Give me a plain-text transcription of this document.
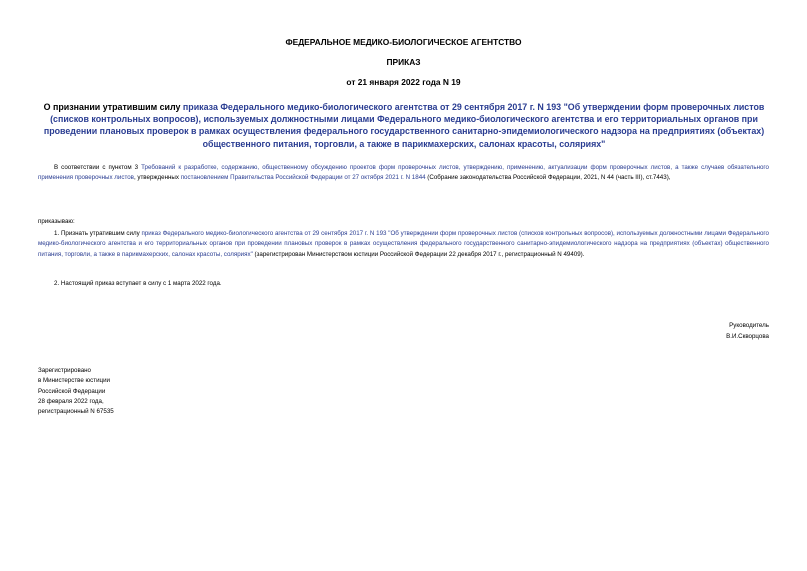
ФЕДЕРАЛЬНОЕ МЕДИКО-БИОЛОГИЧЕСКОЕ АГЕНТСТВО
ПРИКАЗ
от 21 января 2022 года N 19
О признании утратившим силу приказа Федерального медико-биологического агентства от 29 сентября 2017 г. N 193 "Об утверждении форм проверочных листов (списков контрольных вопросов), используемых должностными лицами Федерального медико-биологического агентства и его территориальных органов при проведении плановых проверок в рамках осуществления федерального государственного санитарно-эпидемиологического надзора на предприятиях (объектах) общественного питания, торговли, а также в парикмахерских, салонах красоты, соляриях"
В соответствии с пунктом 3 Требований к разработке, содержанию, общественному обсуждению проектов форм проверочных листов, утверждению, применению, актуализации форм проверочных листов, а также случаев обязательного применения проверочных листов, утвержденных постановлением Правительства Российской Федерации от 27 октября 2021 г. N 1844 (Собрание законодательства Российской Федерации, 2021, N 44 (часть III), ст.7443),
приказываю:
1. Признать утратившим силу приказ Федерального медико-биологического агентства от 29 сентября 2017 г. N 193 "Об утверждении форм проверочных листов (списков контрольных вопросов), используемых должностными лицами Федерального медико-биологического агентства и его территориальных органов при проведении плановых проверок в рамках осуществления федерального государственного санитарно-эпидемиологического надзора на предприятиях (объектах) общественного питания, торговли, а также в парикмахерских, салонах красоты, соляриях" (зарегистрирован Министерством юстиции Российской Федерации 22 декабря 2017 г., регистрационный N 49409).
2. Настоящий приказ вступает в силу с 1 марта 2022 года.
Руководитель
В.И.Скворцова
Зарегистрировано
в Министерстве юстиции
Российской Федерации
28 февраля 2022 года,
регистрационный N 67535
